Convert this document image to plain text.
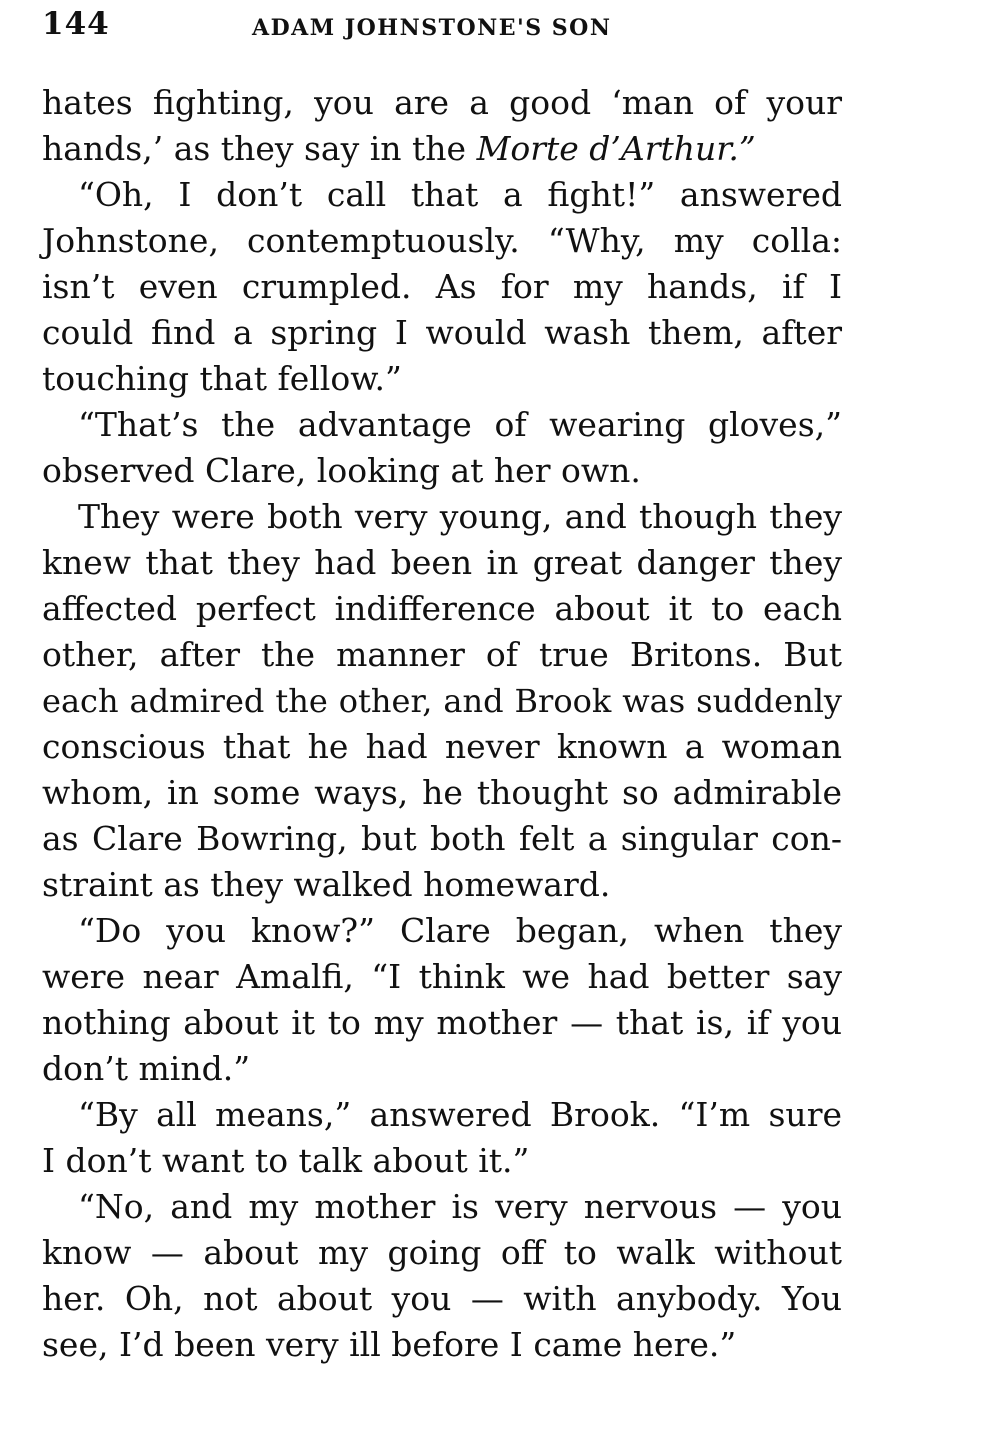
144	ADAM JOHNSTONE'S SON
hates fighting, you are a good ‘man of your
hands,’ as they say in the Morte d’Arthur.”
“Oh, I don’t call that a fight!” answered
Johnstone, contemptuously. “Why, my colla:
isn’t even crumpled. As for my hands, if I
could find a spring I would wash them, after
touching that fellow.”
“That’s the advantage of wearing gloves,”
observed Clare, looking at her own.
They were both very young, and though they
knew that they had been in great danger they
affected perfect indifference about it to each
other, after the manner of true Britons. But
each admired the other, and Brook was suddenly
conscious that he had never known a woman
whom, in some ways, he thought so admirable
as Clare Bowring, but both felt a singular con-
straint as they walked homeward.
“Do you know?” Clare began, when they
were near Amalfi, “I think we had better say
nothing about it to my mother — that is, if you
don’t mind.”
“By all means,” answered Brook. “I’m sure
I don’t want to talk about it.”
“No, and my mother is very nervous — you
know — about my going off to walk without
her. Oh, not about you — with anybody. You
see, I’d been very ill before I came here.”
